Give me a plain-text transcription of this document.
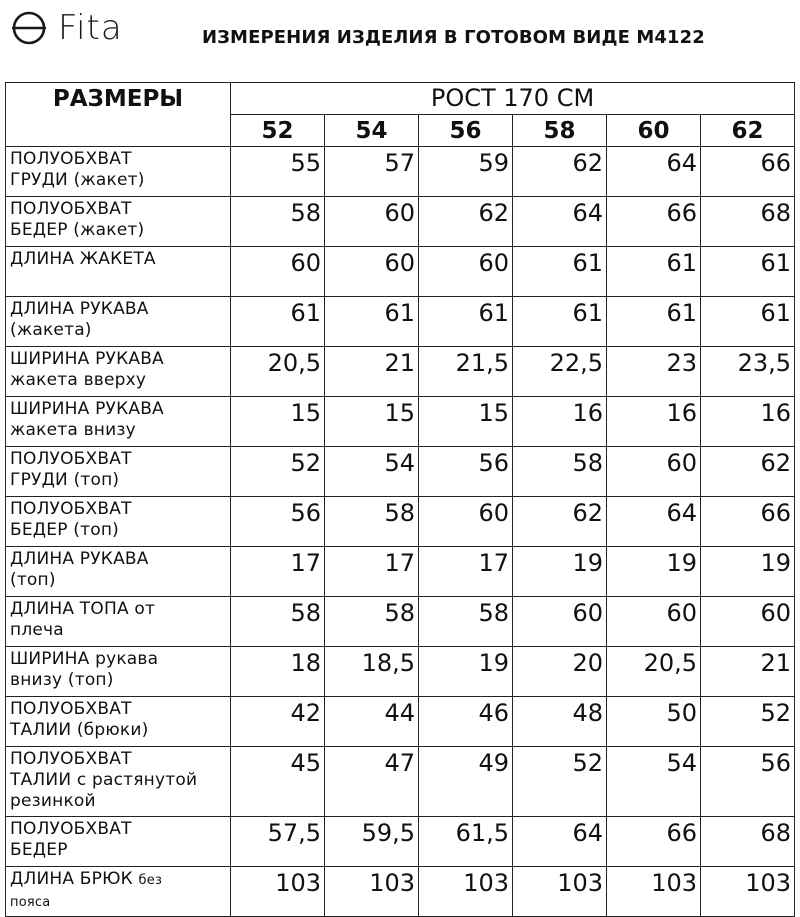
Fita	ИЗМЕРЕНИЯ ИЗДЕЛИЯ В ГОТОВОМ ВИДЕ М4122
РАЗМЕРЫ	РОСТ 170 СМ					
	52	54	56	58	60	62
ПОЛУОБХВАТ
ГРУДИ (жакет)	55	57	59	62	64	66
ПОЛУОБХВАТ
БЕДЕР (жакет)	58	60	62	64	66	68
ДЛИНА ЖАКЕТА	60	60	60	61	61	61
ДЛИНА РУКАВА
(жакета)	61	61	61	61	61	61
ШИРИНА РУКАВА
жакета вверху	20,5	21	21,5	22,5	23	23,5
ШИРИНА РУКАВА
жакета внизу	15	15	15	16	16	16
ПОЛУОБХВАТ
ГРУДИ (топ)	52	54	56	58	60	62
ПОЛУОБХВАТ
БЕДЕР (топ)	56	58	60	62	64	66
ДЛИНА РУКАВА
(топ)	17	17	17	19	19	19
ДЛИНА ТОПА от
плеча	58	58	58	60	60	60
ШИРИНА рукава
внизу (топ)	18	18,5	19	20	20,5	21
ПОЛУОБХВАТ
ТАЛИИ (брюки)	42	44	46	48	50	52
ПОЛУОБХВАТ
ТАЛИИ с растянутой
резинкой	45	47	49	52	54	56
ПОЛУОБХВАТ
БЕДЕР	57,5	59,5	61,5	64	66	68
ДЛИНА БРЮК без
пояса	103	103	103	103	103	103
